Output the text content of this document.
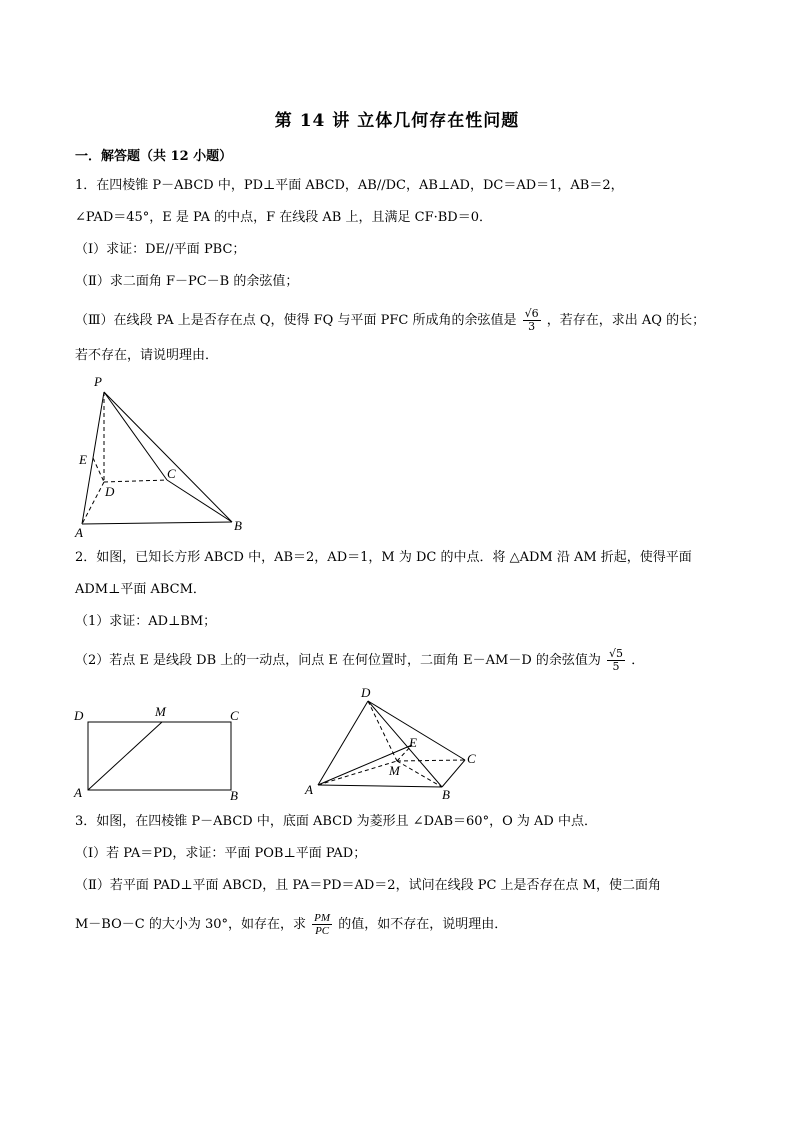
第 14 讲 立体几何存在性问题
一．解答题（共 12 小题）
1．在四棱锥 P－ABCD 中，PD⊥平面 ABCD，AB//DC，AB⊥AD，DC＝AD＝1，AB＝2，
∠PAD＝45°，E 是 PA 的中点，F 在线段 AB 上，且满足 CF·BD＝0．
（Ⅰ）求证：DE//平面 PBC；
（Ⅱ）求二面角 F－PC－B 的余弦值；
（Ⅲ）在线段 PA 上是否存在点 Q，使得 FQ 与平面 PFC 所成角的余弦值是 $\frac{√6}{3}$ ，若存在，求出 AQ 的长；
若不存在，请说明理由．
P
E
D
C
A	B
2．如图，已知长方形 ABCD 中，AB＝2，AD＝1，M 为 DC 的中点．将 △ADM 沿 AM 折起，使得平面
ADM⊥平面 ABCM．
（1）求证：AD⊥BM；
（2）若点 E 是线段 DB 上的一动点，问点 E 在何位置时，二面角 E－AM－D 的余弦值为 $\frac{√5}{5}$ ．
D	M	C
A	B
D
E
C
M
A	B
3．如图，在四棱锥 P－ABCD 中，底面 ABCD 为菱形且 ∠DAB＝60°，O 为 AD 中点．
（Ⅰ）若 PA＝PD，求证：平面 POB⊥平面 PAD；
（Ⅱ）若平面 PAD⊥平面 ABCD，且 PA＝PD＝AD＝2，试问在线段 PC 上是否存在点 M，使二面角
M－BO－C 的大小为 30°，如存在，求 $\frac{PM}{PC}$ 的值，如不存在，说明理由．
